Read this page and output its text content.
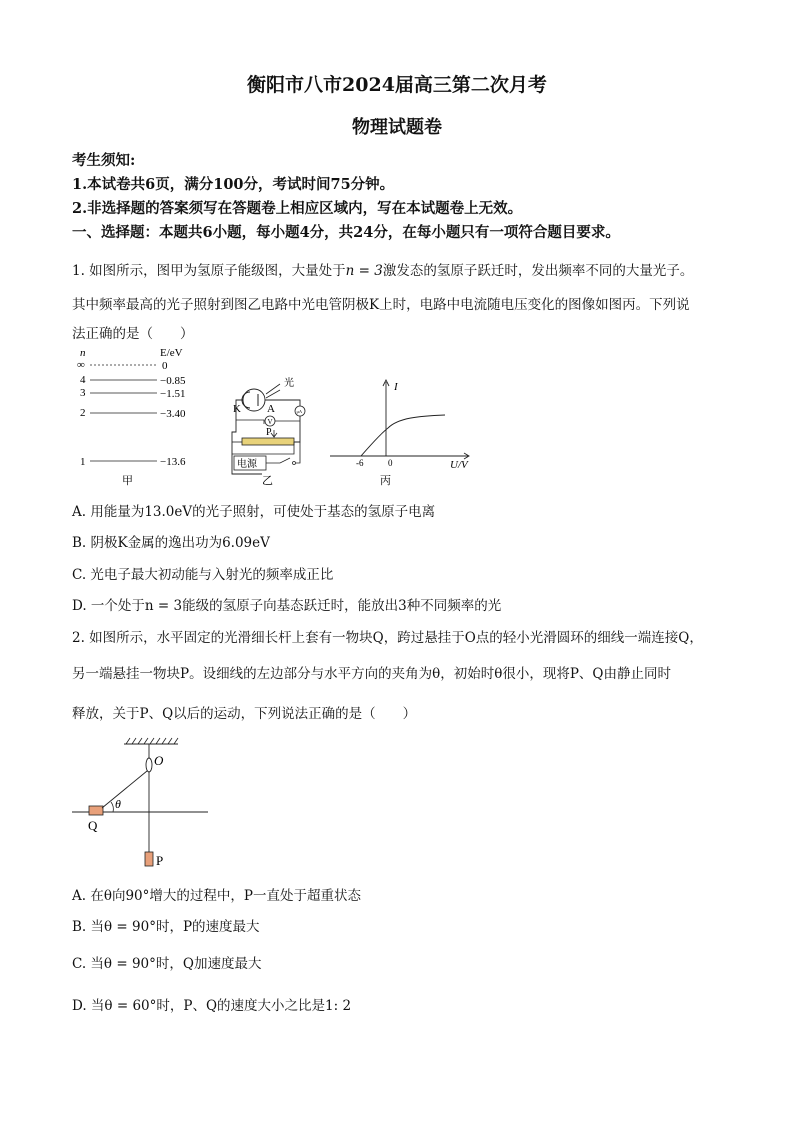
衡阳市八市2024届高三第二次月考
物理试题卷
考生须知:
1.本试卷共6页，满分100分，考试时间75分钟。
2.非选择题的答案须写在答题卷上相应区域内，写在本试题卷上无效。
一、选择题：本题共6小题，每小题4分，共24分，在每小题只有一项符合题目要求。
1. 如图所示，图甲为氢原子能级图，大量处于n = 3激发态的氢原子跃迁时，发出频率不同的大量光子。
其中频率最高的光子照射到图乙电路中光电管阴极K上时，电路中电流随电压变化的图像如图丙。下列说
法正确的是（　　）
n	E/eV
∞	0
4	−0.85
3	−1.51
2	−3.40
1	−13.6
甲
光
K A	μA
V
P
电源
乙
I
-6	0	U/V
丙
A. 用能量为13.0eV的光子照射，可使处于基态的氢原子电离
B. 阴极K金属的逸出功为6.09eV
C. 光电子最大初动能与入射光的频率成正比
D. 一个处于n = 3能级的氢原子向基态跃迁时，能放出3种不同频率的光
2. 如图所示，水平固定的光滑细长杆上套有一物块Q，跨过悬挂于O点的轻小光滑圆环的细线一端连接Q，
另一端悬挂一物块P。设细线的左边部分与水平方向的夹角为θ，初始时θ很小，现将P、Q由静止同时
释放，关于P、Q以后的运动，下列说法正确的是（　　）
O
θ
Q
P
A. 在θ向90°增大的过程中，P一直处于超重状态
B. 当θ = 90°时，P的速度最大
C. 当θ = 90°时，Q加速度最大
D. 当θ = 60°时，P、Q的速度大小之比是1: 2
